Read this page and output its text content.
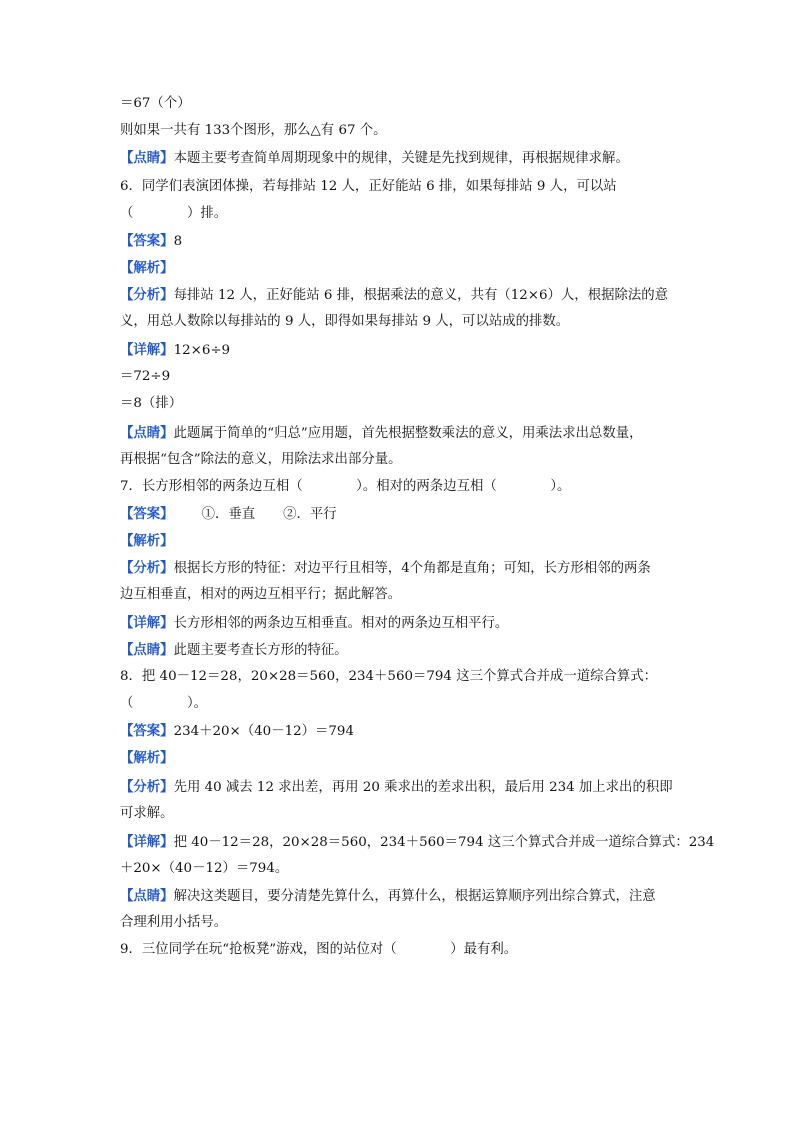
＝67（个）
则如果一共有 133个图形，那么△有 67 个。
【点睛】本题主要考查简单周期现象中的规律，关键是先找到规律，再根据规律求解。
6．同学们表演团体操，若每排站 12 人，正好能站 6 排，如果每排站 9 人，可以站
（　　　　）排。
【答案】8
【解析】
【分析】每排站 12 人，正好能站 6 排，根据乘法的意义，共有（12×6）人，根据除法的意
义，用总人数除以每排站的 9 人，即得如果每排站 9 人，可以站成的排数。
【详解】12×6÷9
＝72÷9
＝8（排）
【点睛】此题属于简单的“归总”应用题，首先根据整数乘法的意义，用乘法求出总数量，
再根据“包含”除法的意义，用除法求出部分量。
7．长方形相邻的两条边互相（　　　　）。相对的两条边互相（　　　　）。
【答案】 ①．垂直 ②．平行
【解析】
【分析】根据长方形的特征：对边平行且相等，4个角都是直角；可知，长方形相邻的两条
边互相垂直，相对的两边互相平行；据此解答。
【详解】长方形相邻的两条边互相垂直。相对的两条边互相平行。
【点睛】此题主要考查长方形的特征。
8．把 40－12＝28，20×28＝560，234＋560＝794 这三个算式合并成一道综合算式：
（　　　　）。
【答案】234＋20×（40－12）＝794
【解析】
【分析】先用 40 减去 12 求出差，再用 20 乘求出的差求出积，最后用 234 加上求出的积即
可求解。
【详解】把 40－12＝28，20×28＝560，234＋560＝794 这三个算式合并成一道综合算式：234
＋20×（40－12）＝794。
【点睛】解决这类题目，要分清楚先算什么，再算什么，根据运算顺序列出综合算式，注意
合理利用小括号。
9．三位同学在玩“抢板凳”游戏，图的站位对（　　　　）最有利。
